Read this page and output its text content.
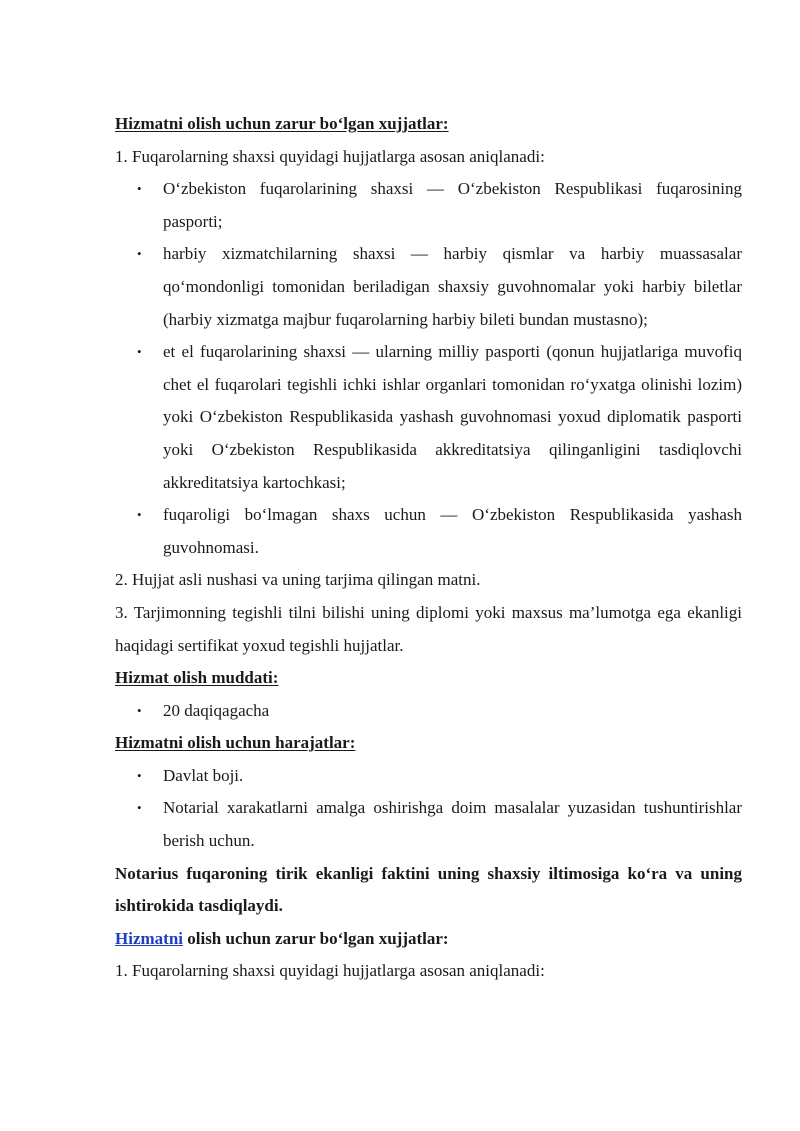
Hizmatni olish uchun zarur bo‘lgan xujjatlar:

1. Fuqarolarning shaxsi quyidagi hujjatlarga asosan aniqlanadi:

• O‘zbekiston fuqarolarining shaxsi — O‘zbekiston Respublikasi fuqarosining pasporti;
• harbiy xizmatchilarning shaxsi — harbiy qismlar va harbiy muassasalar qo‘mondonligi tomonidan beriladigan shaxsiy guvohnomalar yoki harbiy biletlar (harbiy xizmatga majbur fuqarolarning harbiy bileti bundan mustasno);
• et el fuqarolarining shaxsi — ularning milliy pasporti (qonun hujjatlariga muvofiq chet el fuqarolari tegishli ichki ishlar organlari tomonidan ro‘yxatga olinishi lozim) yoki O‘zbekiston Respublikasida yashash guvohnomasi yoxud diplomatik pasporti yoki O‘zbekiston Respublikasida akkreditatsiya qilinganligini tasdiqlovchi akkreditatsiya kartochkasi;
• fuqaroligi bo‘lmagan shaxs uchun — O‘zbekiston Respublikasida yashash guvohnomasi.

2. Hujjat asli nushasi va uning tarjima qilingan matni.

3. Tarjimonning tegishli tilni bilishi uning diplomi yoki maxsus ma’lumotga ega ekanligi haqidagi sertifikat yoxud tegishli hujjatlar.

Hizmat olish muddati:

• 20 daqiqagacha

Hizmatni olish uchun harajatlar:

• Davlat boji.
• Notarial xarakatlarni amalga oshirishga doim masalalar yuzasidan tushuntirishlar berish uchun.

Notarius fuqaroning tirik ekanligi faktini uning shaxsiy iltimosiga ko‘ra va uning ishtirokida tasdiqlaydi.

Hizmatni olish uchun zarur bo‘lgan xujjatlar:

1. Fuqarolarning shaxsi quyidagi hujjatlarga asosan aniqlanadi:
